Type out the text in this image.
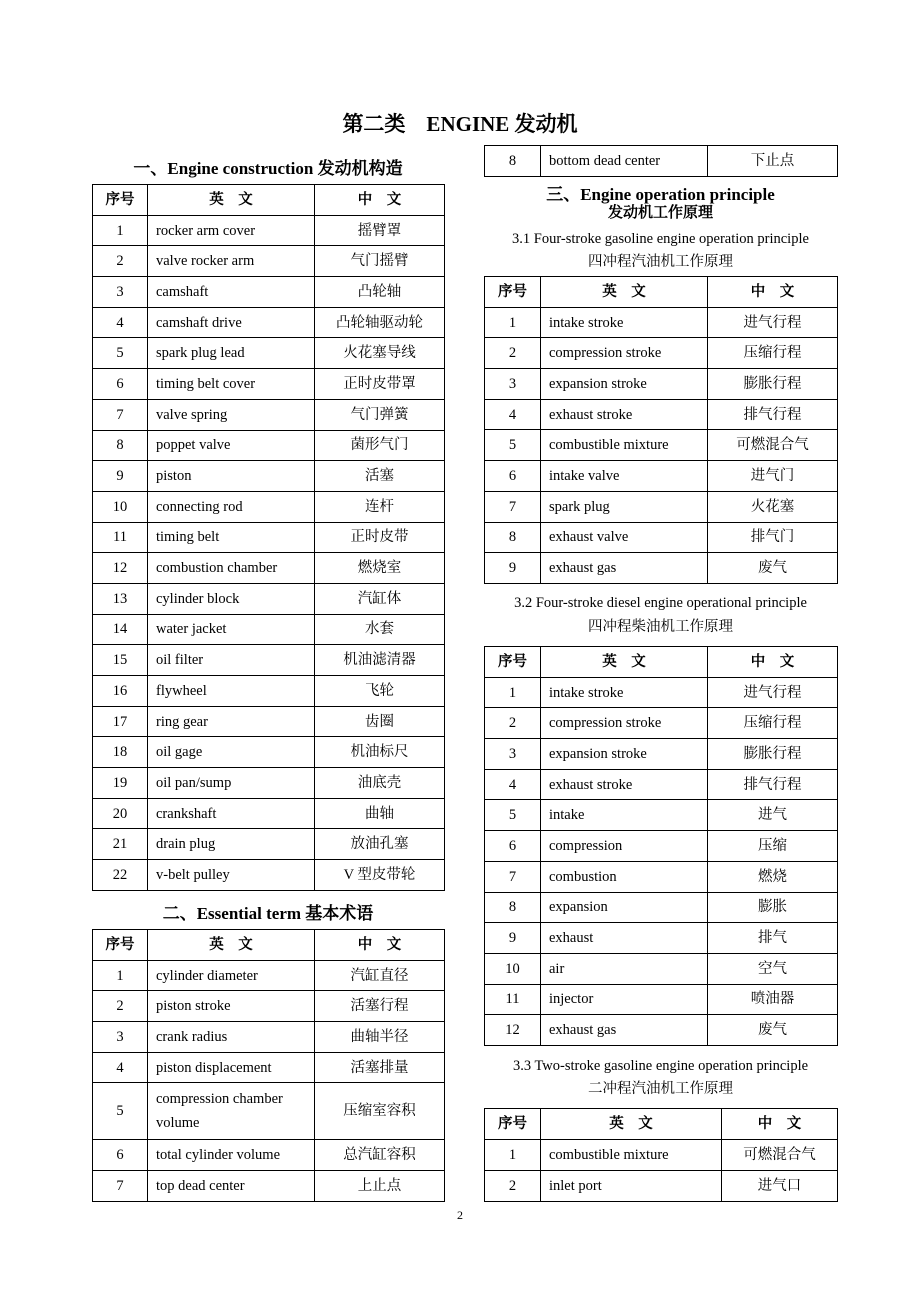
第二类　ENGINE 发动机
一、Engine construction 发动机构造
序号	英　文	中　文
1	rocker arm cover	摇臂罩
2	valve rocker arm	气门摇臂
3	camshaft	凸轮轴
4	camshaft drive	凸轮轴驱动轮
5	spark plug lead	火花塞导线
6	timing belt cover	正时皮带罩
7	valve spring	气门弹簧
8	poppet valve	菌形气门
9	piston	活塞
10	connecting rod	连杆
11	timing belt	正时皮带
12	combustion chamber	燃烧室
13	cylinder block	汽缸体
14	water jacket	水套
15	oil filter	机油滤清器
16	flywheel	飞轮
17	ring gear	齿圈
18	oil gage	机油标尺
19	oil pan/sump	油底壳
20	crankshaft	曲轴
21	drain plug	放油孔塞
22	v-belt pulley	V 型皮带轮
二、Essential term 基本术语
序号	英　文	中　文
1	cylinder diameter	汽缸直径
2	piston stroke	活塞行程
3	crank radius	曲轴半径
4	piston displacement	活塞排量
5	compression chamber volume	压缩室容积
6	total cylinder volume	总汽缸容积
7	top dead center	上止点
8	bottom dead center	下止点
三、Engine operation principle
发动机工作原理
3.1 Four-stroke gasoline engine operation principle
四冲程汽油机工作原理
序号	英　文	中　文
1	intake stroke	进气行程
2	compression stroke	压缩行程
3	expansion stroke	膨胀行程
4	exhaust stroke	排气行程
5	combustible mixture	可燃混合气
6	intake valve	进气门
7	spark plug	火花塞
8	exhaust valve	排气门
9	exhaust gas	废气
3.2 Four-stroke diesel engine operational principle
四冲程柴油机工作原理
序号	英　文	中　文
1	intake stroke	进气行程
2	compression stroke	压缩行程
3	expansion stroke	膨胀行程
4	exhaust stroke	排气行程
5	intake	进气
6	compression	压缩
7	combustion	燃烧
8	expansion	膨胀
9	exhaust	排气
10	air	空气
11	injector	喷油器
12	exhaust gas	废气
3.3 Two-stroke gasoline engine operation principle
二冲程汽油机工作原理
序号	英　文	中　文
1	combustible mixture	可燃混合气
2	inlet port	进气口
2
